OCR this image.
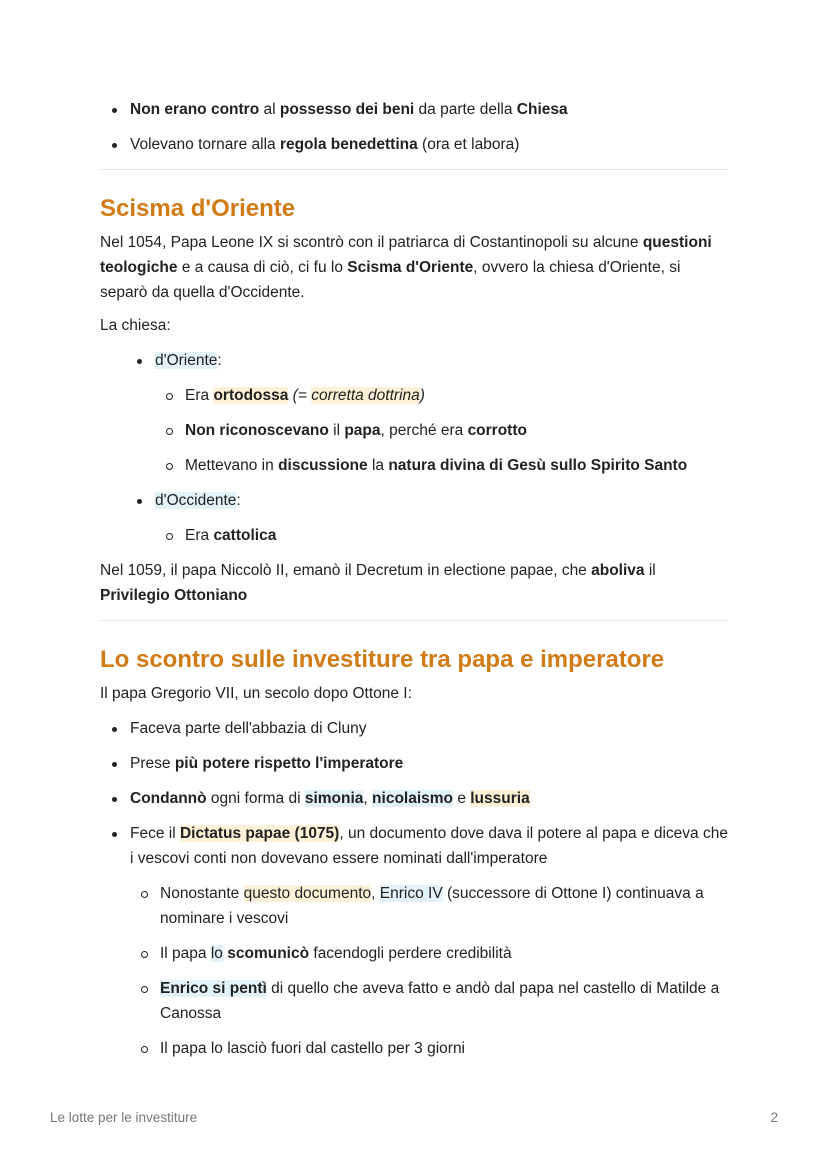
Non erano contro al possesso dei beni da parte della Chiesa
Volevano tornare alla regola benedettina (ora et labora)
Scisma d'Oriente

Nel 1054, Papa Leone IX si scontrò con il patriarca di Costantinopoli su alcune questioni teologiche e a causa di ciò, ci fu lo Scisma d'Oriente, ovvero la chiesa d'Oriente, si separò da quella d'Occidente.

La chiesa:

d'Oriente:
Era ortodossa (= corretta dottrina)
Non riconoscevano il papa, perché era corrotto
Mettevano in discussione la natura divina di Gesù sullo Spirito Santo
d'Occidente:
Era cattolica

Nel 1059, il papa Niccolò II, emanò il Decretum in electione papae, che aboliva il Privilegio Ottoniano

Lo scontro sulle investiture tra papa e imperatore

Il papa Gregorio VII, un secolo dopo Ottone I:

Faceva parte dell'abbazia di Cluny
Prese più potere rispetto l'imperatore
Condannò ogni forma di simonia, nicolaismo e lussuria
Fece il Dictatus papae (1075), un documento dove dava il potere al papa e diceva che i vescovi conti non dovevano essere nominati dall'imperatore
Nonostante questo documento, Enrico IV (successore di Ottone I) continuava a nominare i vescovi
Il papa lo scomunicò facendogli perdere credibilità
Enrico si pentì di quello che aveva fatto e andò dal papa nel castello di Matilde a Canossa
Il papa lo lasciò fuori dal castello per 3 giorni
Le lotte per le investiture	2
